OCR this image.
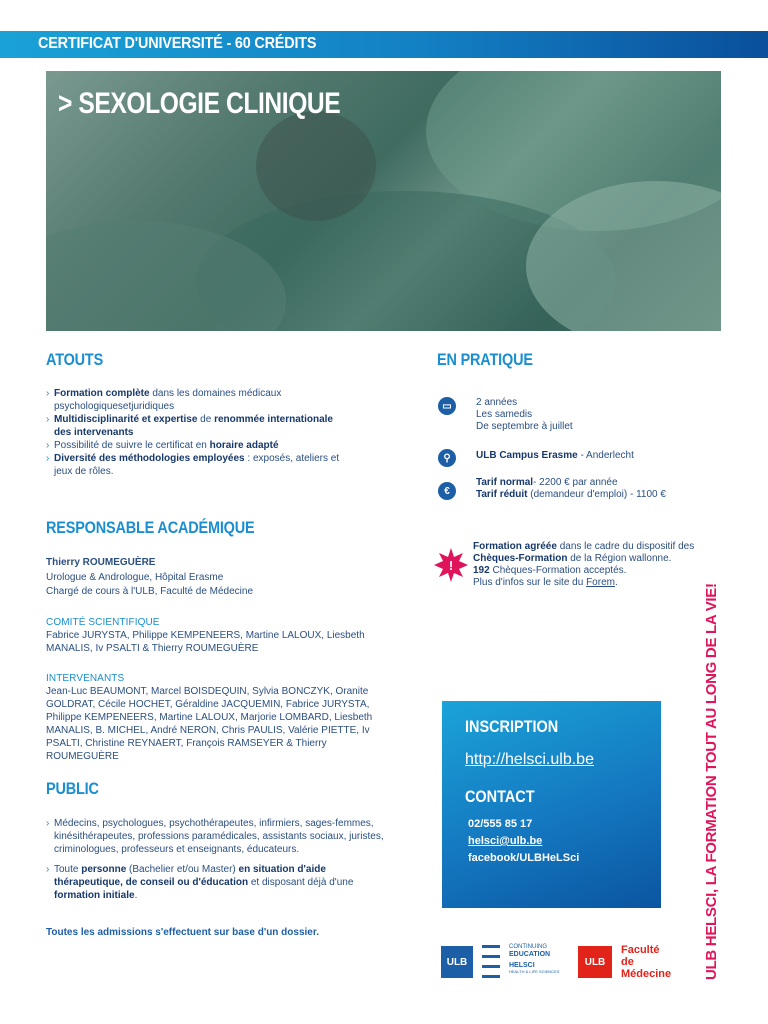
CERTIFICAT D'UNIVERSITÉ - 60 CRÉDITS
> SEXOLOGIE CLINIQUE
ATOUTS
› Formation complète dans les domaines médicaux psychologiquesetjuridiques
› Multidisciplinarité et expertise de renommée internationale des intervenants
› Possibilité de suivre le certificat en horaire adapté
› Diversité des méthodologies employées : exposés, ateliers et jeux de rôles.
RESPONSABLE ACADÉMIQUE
Thierry ROUMEGUÈRE
Urologue & Andrologue, Hôpital Erasme
Chargé de cours à l'ULB, Faculté de Médecine
COMITÉ SCIENTIFIQUE
Fabrice JURYSTA, Philippe KEMPENEERS, Martine LALOUX, Liesbeth MANALIS, Iv PSALTI & Thierry ROUMEGUÈRE
INTERVENANTS
Jean-Luc BEAUMONT, Marcel BOISDEQUIN, Sylvia BONCZYK, Oranite GOLDRAT, Cécile HOCHET, Géraldine JACQUEMIN, Fabrice JURYSTA, Philippe KEMPENEERS, Martine LALOUX, Marjorie LOMBARD, Liesbeth MANALIS, B. MICHEL, André NERON, Chris PAULIS, Valérie PIETTE, Iv PSALTI, Christine REYNAERT, François RAMSEYER & Thierry ROUMEGUÈRE
PUBLIC
› Médecins, psychologues, psychothérapeutes, infirmiers, sages-femmes, kinésithérapeutes, professions paramédicales, assistants sociaux, juristes, criminologues, professeurs et enseignants, éducateurs.
› Toute personne (Bachelier et/ou Master) en situation d'aide thérapeutique, de conseil ou d'éducation et disposant déjà d'une formation initiale.
Toutes les admissions s'effectuent sur base d'un dossier.
EN PRATIQUE
▭	2 années
Les samedis
De septembre à juillet
⚲	ULB Campus Erasme - Anderlecht
€
Tarif normal- 2200 € par année
Tarif réduit (demandeur d'emploi) - 1100 €
!
Formation agréée dans le cadre du dispositif des
Chèques-Formation de la Région wallonne.
192 Chèques-Formation acceptés.
Plus d'infos sur le site du Forem.
INSCRIPTION
http://helsci.ulb.be
CONTACT
02/555 85 17
helsci@ulb.be
facebook/ULBHeLSci	ULB HELSCI, LA FORMATION TOUT AU LONG DE LA VIE!
ULB
CONTINUING
EDUCATION
HELSCI
HEALTH & LIFE SCIENCES
ULB
Faculté
de
Médecine
